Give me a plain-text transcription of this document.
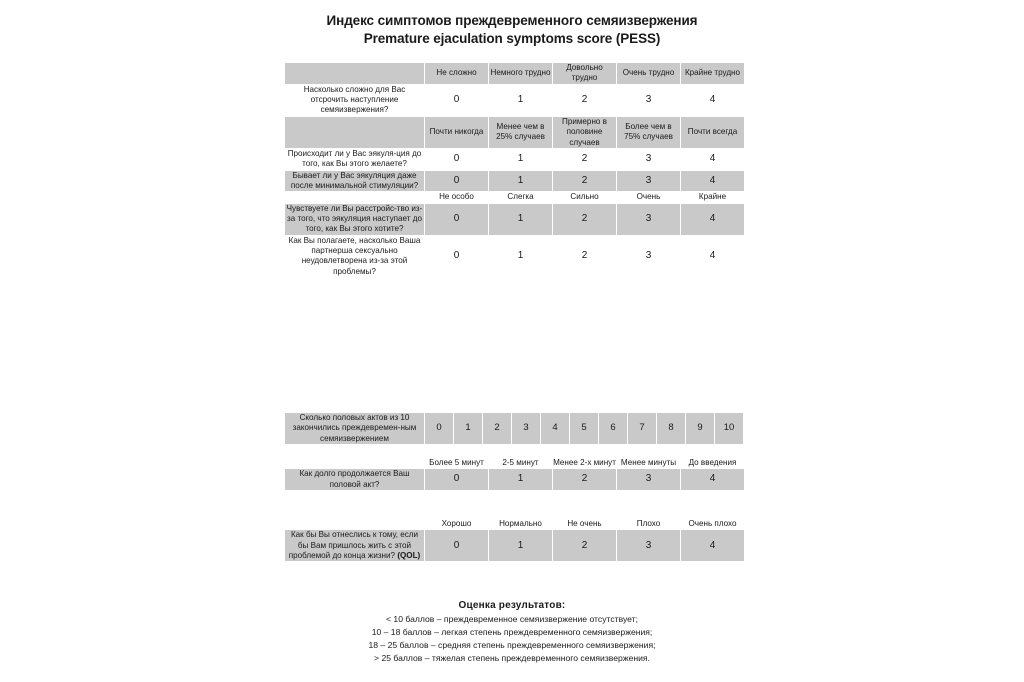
Индекс симптомов преждевременного семяизвержения
Premature ejaculation symptoms score (PESS)
	Не сложно	Немного трудно	Довольно трудно	Очень трудно	Крайне трудно
Насколько сложно для Вас отсрочить наступление семяизвержения?	0	1	2	3	4
	Почти никогда	Менее чем в 25% случаев	Примерно в половине случаев	Более чем в 75% случаев	Почти всегда
Происходит ли у Вас эякуля-ция до того, как Вы этого желаете?	0	1	2	3	4
Бывает ли у Вас эякуляция даже после минимальной стимуляции?	0	1	2	3	4
	Не особо	Слегка	Сильно	Очень	Крайне
Чувствуете ли Вы расстройс-тво из-за того, что эякуляция наступает до того, как Вы этого хотите?	0	1	2	3	4
Как Вы полагаете, насколько Ваша партнерша сексуально неудовлетворена из-за этой проблемы?	0	1	2	3	4
Сколько половых актов из 10 закончились преждевремен-ным семяизвержением	0	1	2	3	4	5	6	7	8	9	10
	Более 5 минут	2-5 минут	Менее 2-х минут	Менее минуты	До введения
Как долго продолжается Ваш половой акт?	0	1	2	3	4
	Хорошо	Нормально	Не очень	Плохо	Очень плохо
Как бы Вы отнеслись к тому, если бы Вам пришлось жить с этой проблемой до конца жизни? (QOL)	0	1	2	3	4
Оценка результатов:
< 10 баллов – преждевременное семяизвержение отсутствует;
10 – 18 баллов – легкая степень преждевременного семяизвержения;
18 – 25 баллов – средняя степень преждевременного семяизвержения;
> 25 баллов – тяжелая степень преждевременного семяизвержения.
